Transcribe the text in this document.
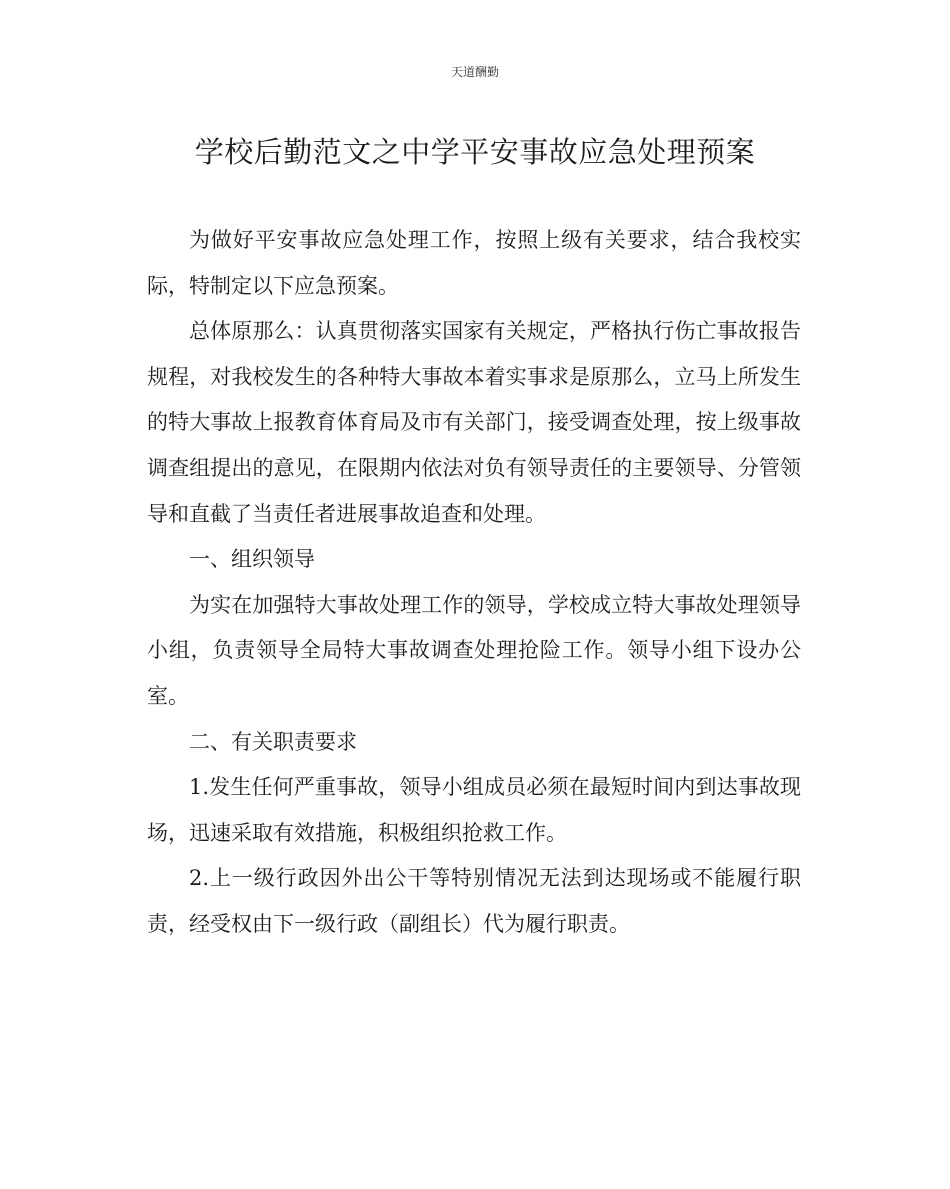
天道酬勤
学校后勤范文之中学平安事故应急处理预案

为做好平安事故应急处理工作，按照上级有关要求，结合我校实际，特制定以下应急预案。

总体原那么：认真贯彻落实国家有关规定，严格执行伤亡事故报告规程，对我校发生的各种特大事故本着实事求是原那么，立马上所发生的特大事故上报教育体育局及市有关部门，接受调查处理，按上级事故调查组提出的意见，在限期内依法对负有领导责任的主要领导、分管领导和直截了当责任者进展事故追查和处理。

一、组织领导

为实在加强特大事故处理工作的领导，学校成立特大事故处理领导小组，负责领导全局特大事故调查处理抢险工作。领导小组下设办公室。

二、有关职责要求

1.发生任何严重事故，领导小组成员必须在最短时间内到达事故现场，迅速采取有效措施，积极组织抢救工作。

2.上一级行政因外出公干等特别情况无法到达现场或不能履行职责，经受权由下一级行政（副组长）代为履行职责。
